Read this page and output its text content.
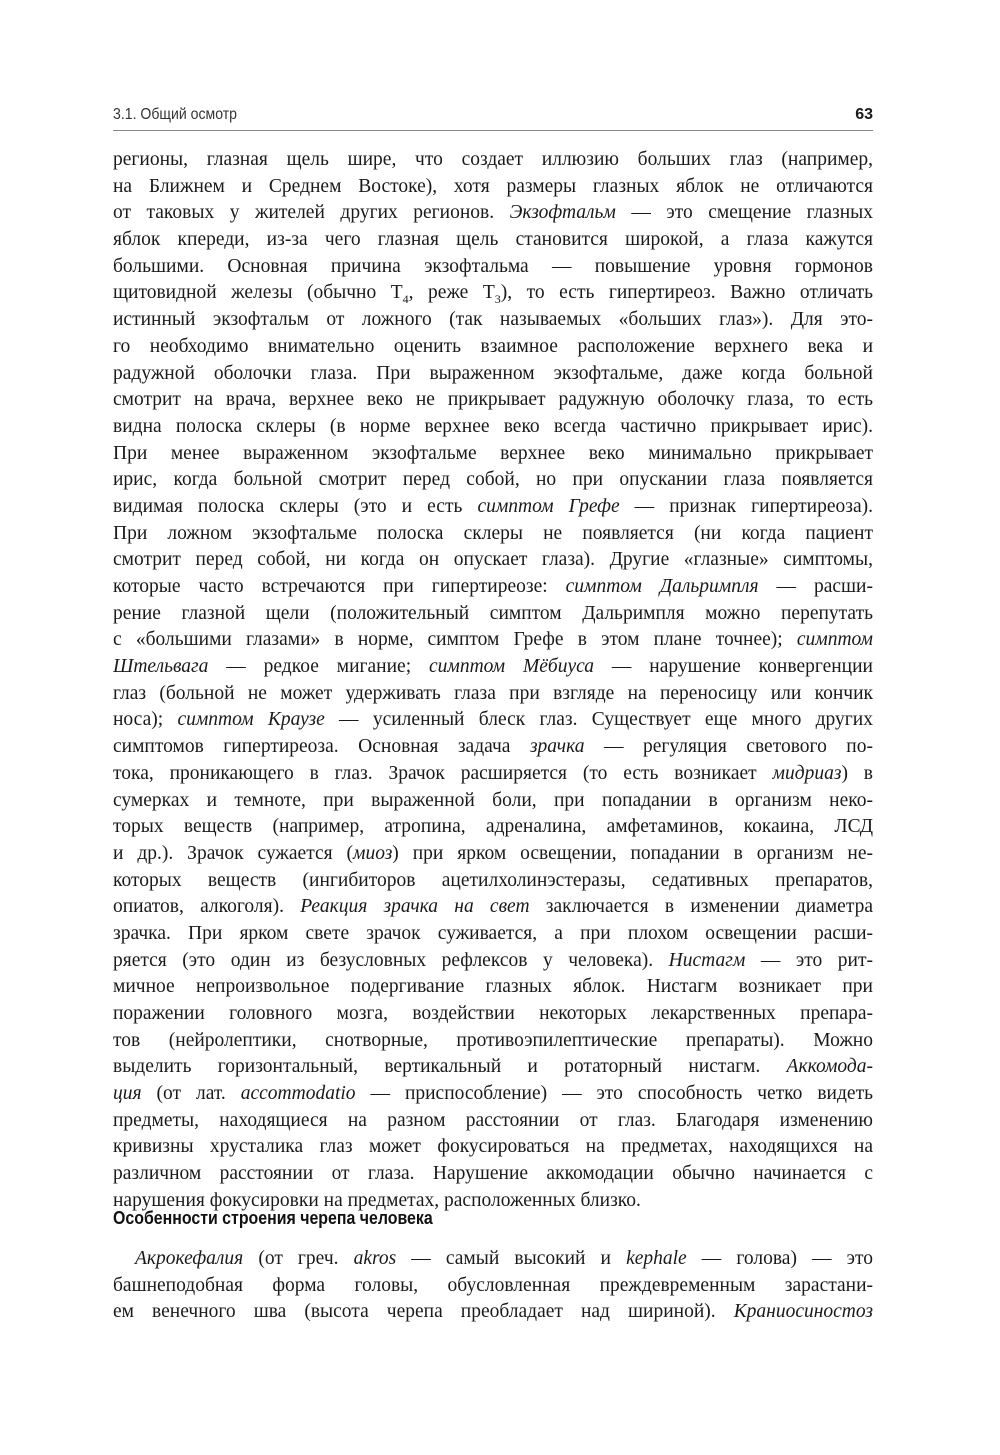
3.1. Общий осмотр	63
регионы, глазная щель шире, что создает иллюзию больших глаз (например,
на Ближнем и Среднем Востоке), хотя размеры глазных яблок не отличаются
от таковых у жителей других регионов. Экзофтальм — это смещение глазных
яблок кпереди, из-за чего глазная щель становится широкой, а глаза кажутся
большими. Основная причина экзофтальма — повышение уровня гормонов
щитовидной железы (обычно $T_4$, реже $T_3$), то есть гипертиреоз. Важно отличать
истинный экзофтальм от ложного (так называемых «больших глаз»). Для это-
го необходимо внимательно оценить взаимное расположение верхнего века и
радужной оболочки глаза. При выраженном экзофтальме, даже когда больной
смотрит на врача, верхнее веко не прикрывает радужную оболочку глаза, то есть
видна полоска склеры (в норме верхнее веко всегда частично прикрывает ирис).
При менее выраженном экзофтальме верхнее веко минимально прикрывает
ирис, когда больной смотрит перед собой, но при опускании глаза появляется
видимая полоска склеры (это и есть симптом Грефе — признак гипертиреоза).
При ложном экзофтальме полоска склеры не появляется (ни когда пациент
смотрит перед собой, ни когда он опускает глаза). Другие «глазные» симптомы,
которые часто встречаются при гипертиреозе: симптом Дальримпля — расши-
рение глазной щели (положительный симптом Дальримпля можно перепутать
с «большими глазами» в норме, симптом Грефе в этом плане точнее); симптом
Штельвага — редкое мигание; симптом Мёбиуса — нарушение конвергенции
глаз (больной не может удерживать глаза при взгляде на переносицу или кончик
носа); симптом Краузе — усиленный блеск глаз. Существует еще много других
симптомов гипертиреоза. Основная задача зрачка — регуляция светового по-
тока, проникающего в глаз. Зрачок расширяется (то есть возникает мидриаз) в
сумерках и темноте, при выраженной боли, при попадании в организм неко-
торых веществ (например, атропина, адреналина, амфетаминов, кокаина, ЛСД
и др.). Зрачок сужается (миоз) при ярком освещении, попадании в организм не-
которых веществ (ингибиторов ацетилхолинэстеразы, седативных препаратов,
опиатов, алкоголя). Реакция зрачка на свет заключается в изменении диаметра
зрачка. При ярком свете зрачок суживается, а при плохом освещении расши-
ряется (это один из безусловных рефлексов у человека). Нистагм — это рит-
мичное непроизвольное подергивание глазных яблок. Нистагм возникает при
поражении головного мозга, воздействии некоторых лекарственных препара-
тов (нейролептики, снотворные, противоэпилептические препараты). Можно
выделить горизонтальный, вертикальный и ротаторный нистагм. Аккомода-
ция (от лат. accommodatio — приспособление) — это способность четко видеть
предметы, находящиеся на разном расстоянии от глаз. Благодаря изменению
кривизны хрусталика глаз может фокусироваться на предметах, находящихся на
различном расстоянии от глаза. Нарушение аккомодации обычно начинается с
нарушения фокусировки на предметах, расположенных близко.
Особенности строения черепа человека
Акрокефалия (от греч. akros — самый высокий и kephale — голова) — это
башнеподобная форма головы, обусловленная преждевременным зарастани-
ем венечного шва (высота черепа преобладает над шириной). Краниосиностоз
